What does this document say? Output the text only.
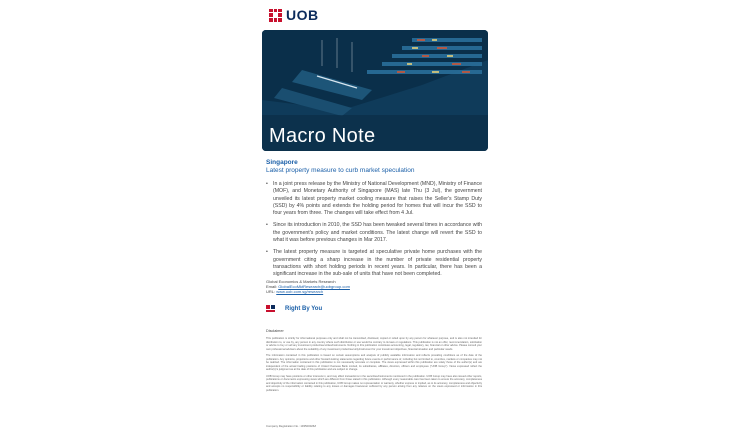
UOB
Macro Note
Singapore
Latest property measure to curb market speculation
• In a joint press release by the Ministry of National Development (MND), Ministry of Finance (MOF), and Monetary Authority of Singapore (MAS) late Thu (3 Jul), the government unveiled its latest property market cooling measure that raises the Seller's Stamp Duty (SSD) by 4% points and extends the holding period for homes that will incur the SSD to four years from three. The changes will take effect from 4 Jul.
• Since its introduction in 2010, the SSD has been tweaked several times in accordance with the government's policy and market conditions. The latest change will revert the SSD to what it was before previous changes in Mar 2017.
• The latest property measure is targeted at speculative private home purchases with the government citing a sharp increase in the number of private residential property transactions with short holding periods in recent years. In particular, there has been a significant increase in the sub-sale of units that have not been completed.
Global Economics & Markets Research
Email: GlobalEcoMktResearch@uobgroup.com
URL: www.uob.com.sg/research
Right By You
Disclaimer

This publication is strictly for informational purposes only and shall not be transmitted, disclosed, copied or relied upon by any person for whatever purpose, and is also not intended for distribution to, or use by, any person in any country where such distribution or use would be contrary to its laws or regulations. This publication is not an offer, recommendation, solicitation or advice to buy or sell any investment product/securities/instruments. Nothing in this publication constitutes accounting, legal, regulatory, tax, financial or other advice. Please consult your own professional advisers about the suitability of any investment product/security/instrument for your investment objectives, financial situation and particular needs.

The information contained in this publication is based on certain assumptions and analysis of publicly available information and reflects prevailing conditions as of the date of the publication. Any opinions, projections and other forward-looking statements regarding future events or performance of, including but not limited to, countries, markets or companies may not be realized. The information contained in this publication is not necessarily accurate or complete. The views expressed within this publication are solely those of the author(s) and are independent of the actual trading positions of United Overseas Bank Limited, its subsidiaries, affiliates, directors, officers and employees ("UOB Group"). Views expressed reflect the author(s)'s judgment as at the date of this publication and are subject to change.

UOB Group may have positions or other interests in, and may effect transactions in the securities/instruments mentioned in the publication. UOB Group may have also issued other reports, publications or documents expressing views which are different from those stated in this publication. Although every reasonable care has been taken to ensure the accuracy, completeness and objectivity of the information contained in this publication, UOB Group makes no representation or warranty, whether express or implied, as to its accuracy, completeness and objectivity and accepts no responsibility or liability relating to any losses or damages howsoever suffered by any person arising from any reliance on the views expressed or information in this publication.

Company Registration No.: 193500026Z
